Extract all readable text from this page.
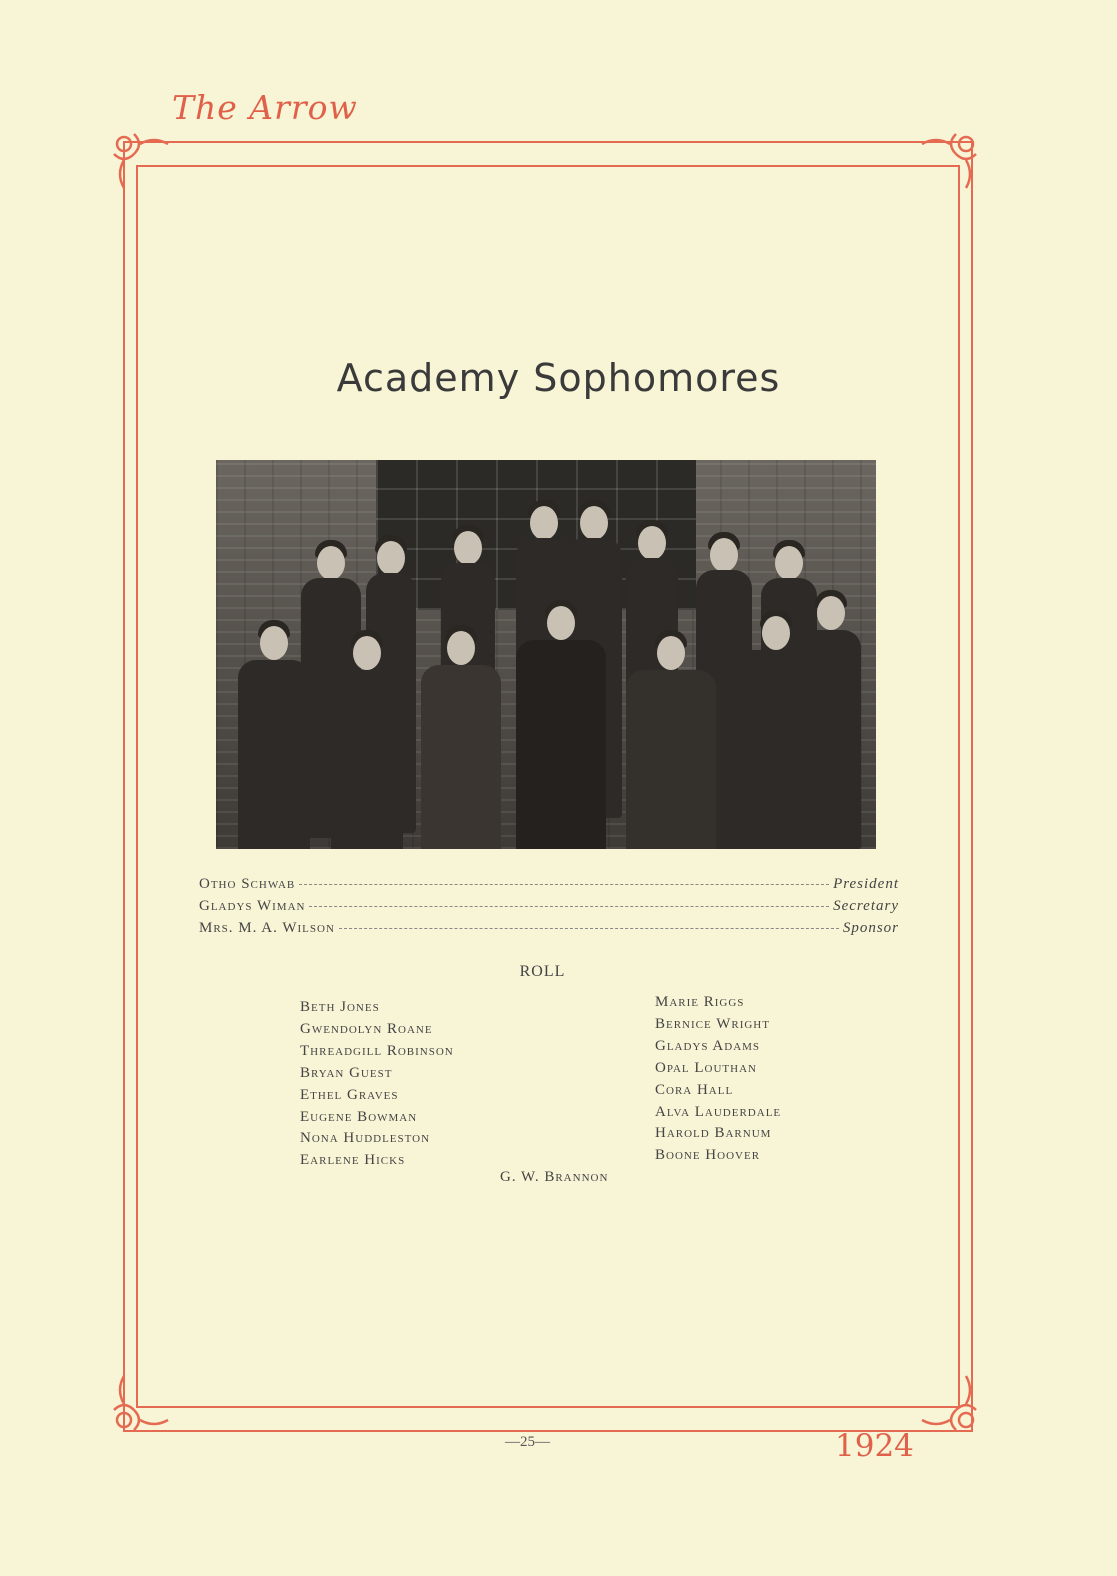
The Arrow
Academy Sophomores
Otho Schwab	President
Gladys Wiman	Secretary
Mrs. M. A. Wilson	Sponsor
ROLL
Beth Jones
Gwendolyn Roane
Threadgill Robinson
Bryan Guest
Ethel Graves
Eugene Bowman
Nona Huddleston
Earlene Hicks
Marie Riggs
Bernice Wright
Gladys Adams
Opal Louthan
Cora Hall
Alva Lauderdale
Harold Barnum
Boone Hoover
G. W. Brannon
—25—	1924
